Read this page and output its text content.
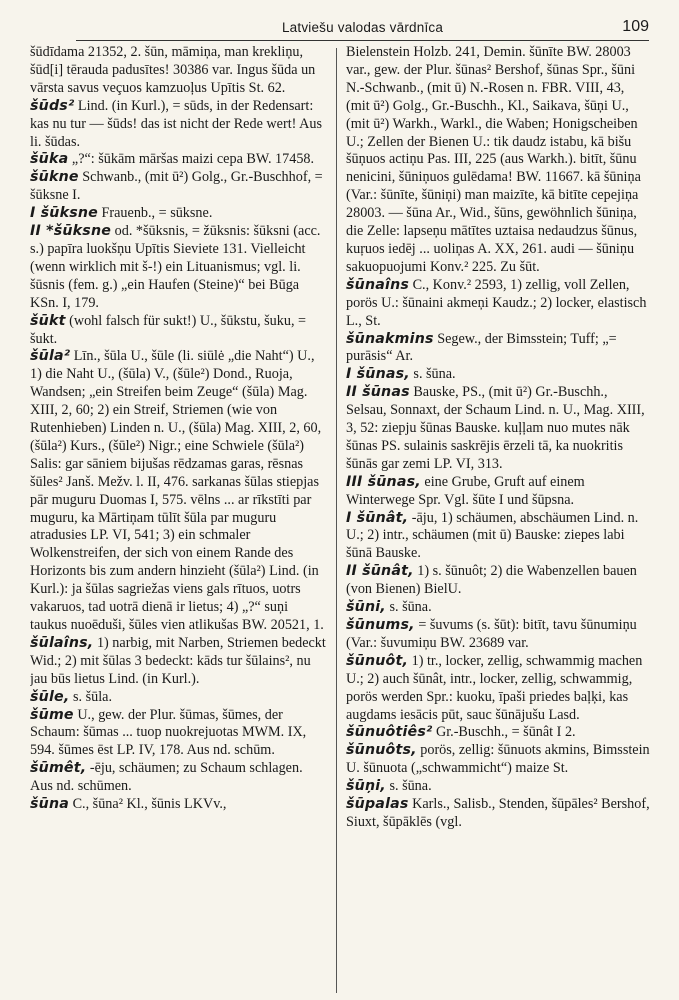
Latviešu valodas vārdnīca	109

šūdīdama 21352, 2. šūn, māmiņa, man krekliņu, šūd[i] tērauda padusītes! 30386 var. Ingus šūda un vārsta savus veçuos kamzuoļus Upītis St. 62.

šūds² Lind. (in Kurl.), = sūds, in der Redensart: kas nu tur — šūds! das ist nicht der Rede wert! Aus li. šūdas.

šūka „?“: šūkām māršas maizi cepa BW. 17458.

šūkne Schwanb., (mit ū²) Golg., Gr.-Buschhof, = šūksne I.

I šūksne Frauenb., = sūksne.

II *šūksne od. *šūksnis, = žūksnis: šūksni (acc. s.) papīra luokšņu Upītis Sieviete 131. Vielleicht (wenn wirklich mit š-!) ein Lituanismus; vgl. li. šūsnis (fem. g.) „ein Haufen (Steine)“ bei Būga KSn. I, 179.

šūkt (wohl falsch für sukt!) U., šūkstu, šuku, = šukt.

šūla² Līn., šūla U., šūle (li. siūlė „die Naht“) U., 1) die Naht U., (šūla) V., (šūle²) Dond., Ruoja, Wandsen; „ein Streifen beim Zeuge“ (šūla) Mag. XIII, 2, 60; 2) ein Streif, Striemen (wie von Rutenhieben) Linden n. U., (šūla) Mag. XIII, 2, 60, (šūla²) Kurs., (šūle²) Nigr.; eine Schwiele (šūla²) Salis: gar sāniem bijušas rēdzamas garas, rēsnas šūles² Janš. Mežv. l. II, 476. sarkanas šūlas stiepjas pār muguru Duomas I, 575. vēlns ... ar rīkstīti par muguru, ka Mārtiņam tūlīt šūla par muguru atradusies LP. VI, 541; 3) ein schmaler Wolkenstreifen, der sich von einem Rande des Horizonts bis zum andern hinzieht (šūla²) Lind. (in Kurl.): ja šūlas sagriežas viens gals rītuos, uotrs vakaruos, tad uotrā dienā ir lietus; 4) „?“ suņi taukus nuoēduši, šūles vien atlikušas BW. 20521, 1.

šūlaîns, 1) narbig, mit Narben, Striemen bedeckt Wid.; 2) mit šūlas 3 bedeckt: kāds tur šūlains², nu jau būs lietus Lind. (in Kurl.).

šūle, s. šūla.

šūme U., gew. der Plur. šūmas, šūmes, der Schaum: šūmas ... tuop nuokrejuotas MWM. IX, 594. šūmes ēst LP. IV, 178. Aus nd. schūm.

šūmêt, -ēju, schäumen; zu Schaum schlagen. Aus nd. schūmen.

šūna C., šūna² Kl., šūnis LKVv.,

Bielenstein Holzb. 241, Demin. šūnīte BW. 28003 var., gew. der Plur. šūnas² Bershof, šūnas Spr., šūni N.-Schwanb., (mit ū) N.-Rosen n. FBR. VIII, 43, (mit ū²) Golg., Gr.-Buschh., Kl., Saikava, šūņi U., (mit ū²) Warkh., Warkl., die Waben; Honigscheiben U.; Zellen der Bienen U.: tik daudz istabu, kā bišu šūņuos actiņu Pas. III, 225 (aus Warkh.). bitīt, šūnu nenicini, šūniņuos gulēdama! BW. 11667. kā šūniņa (Var.: šūnīte, šūniņi) man maizīte, kā bitīte cepejiņa 28003. — šūna Ar., Wid., šūns, gewöhnlich šūniņa, die Zelle: lapseņu mātītes uztaisa nedaudzus šūnus, kuŗuos iedēj ... uoliņas A. XX, 261. audi — šūniņu sakuopuojumi Konv.² 225. Zu šūt.

šūnaîns C., Konv.² 2593, 1) zellig, voll Zellen, porös U.: šūnaini akmeņi Kaudz.; 2) locker, elastisch L., St.

šūnakmins Segew., der Bimsstein; Tuff; „= purāsis“ Ar.

I šūnas, s. šūna.

II šūnas Bauske, PS., (mit ū²) Gr.-Buschh., Selsau, Sonnaxt, der Schaum Lind. n. U., Mag. XIII, 3, 52: ziepju šūnas Bauske. kuļļam nuo mutes nāk šūnas PS. sulainis saskrējis ērzeli tā, ka nuokritis šūnās gar zemi LP. VI, 313.

III šūnas, eine Grube, Gruft auf einem Winterwege Spr. Vgl. šūte I und šūpsna.

I šūnât, -āju, 1) schäumen, abschäumen Lind. n. U.; 2) intr., schäumen (mit ū) Bauske: ziepes labi šūnā Bauske.

II šūnât, 1) s. šūnuôt; 2) die Wabenzellen bauen (von Bienen) BielU.

šūni, s. šūna.

šūnums, = šuvums (s. šūt): bitīt, tavu šūnumiņu (Var.: šuvumiņu BW. 23689 var.

šūnuôt, 1) tr., locker, zellig, schwammig machen U.; 2) auch šūnât, intr., locker, zellig, schwammig, porös werden Spr.: kuoku, īpaši priedes baļķi, kas augdams iesācis pūt, sauc šūnājušu Lasd.

šūnuôtiês² Gr.-Buschh., = šūnât I 2.

šūnuôts, porös, zellig: šūnuots akmins, Bimsstein U. šūnuota („schwammicht“) maize St.

šūņi, s. šūna.

šūpalas Karls., Salisb., Stenden, šūpāles² Bershof, Siuxt, šūpāklēs (vgl.
